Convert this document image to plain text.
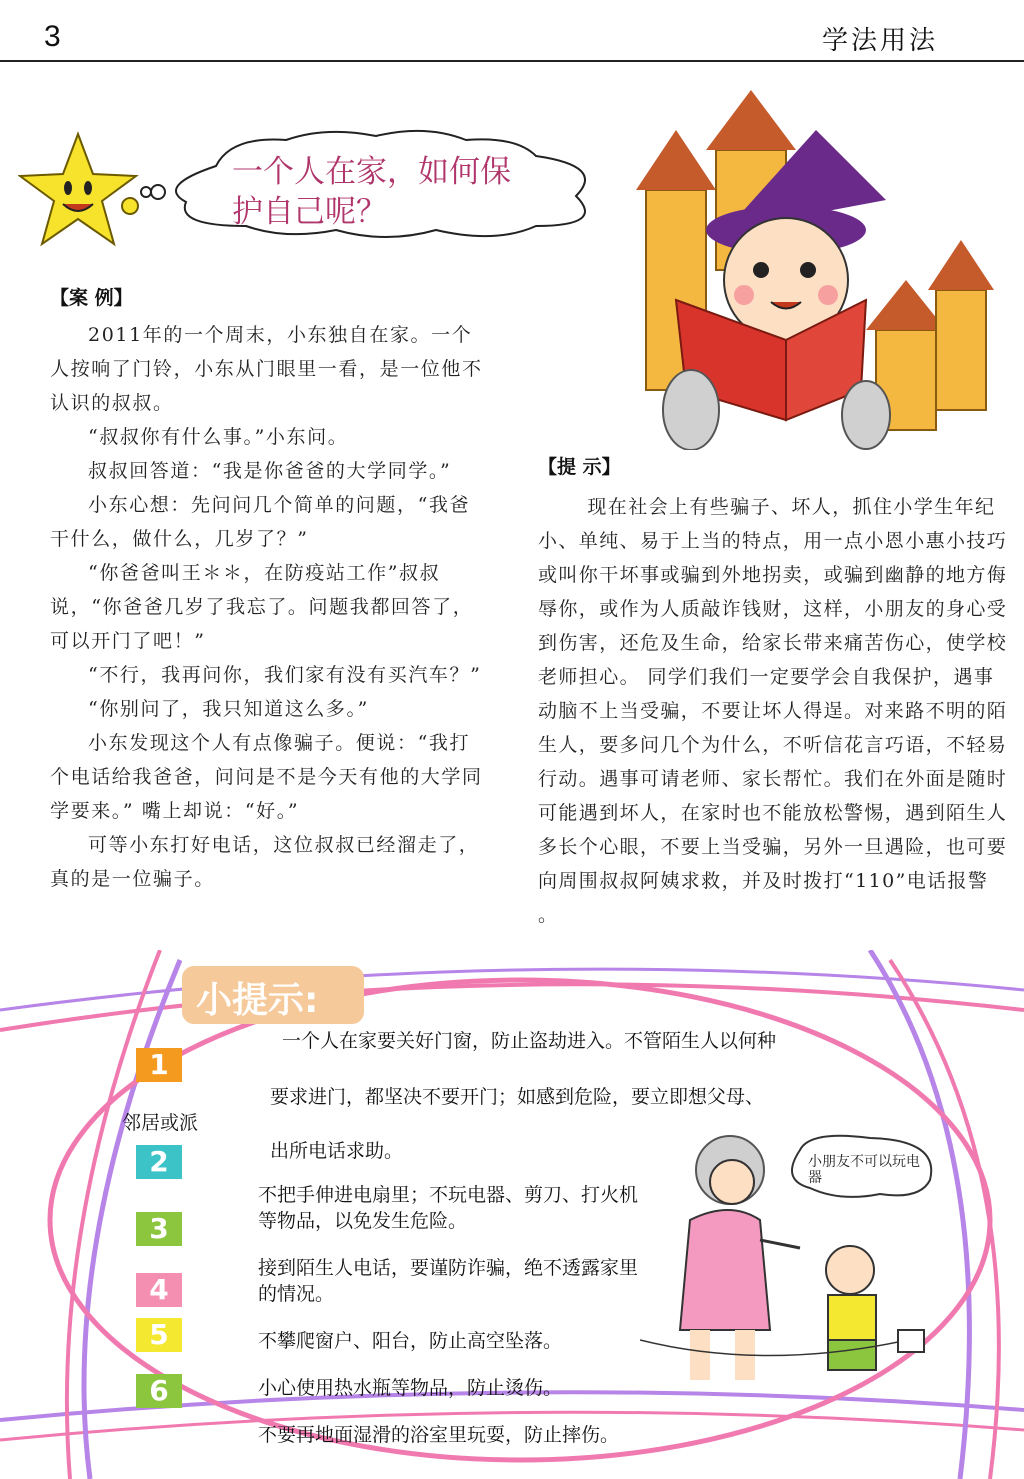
3	学法用法
一个人在家，如何保护自己呢？
【案 例】

2011年的一个周末，小东独自在家。一个人按响了门铃，小东从门眼里一看，是一位他不认识的叔叔。

“叔叔你有什么事。”小东问。

叔叔回答道：“我是你爸爸的大学同学。”

小东心想：先问问几个简单的问题，“我爸干什么，做什么，几岁了？”

“你爸爸叫王＊＊，在防疫站工作”叔叔说，“你爸爸几岁了我忘了。问题我都回答了，可以开门了吧！”

“不行，我再问你，我们家有没有买汽车？”

“你别问了，我只知道这么多。”

小东发现这个人有点像骗子。便说：“我打个电话给我爸爸，问问是不是今天有他的大学同学要来。” 嘴上却说：“好。”

可等小东打好电话，这位叔叔已经溜走了，真的是一位骗子。

【提 示】
现在社会上有些骗子、坏人，抓住小学生年纪小、单纯、易于上当的特点，用一点小恩小惠小技巧或叫你干坏事或骗到外地拐卖，或骗到幽静的地方侮辱你，或作为人质敲诈钱财，这样，小朋友的身心受到伤害，还危及生命，给家长带来痛苦伤心，使学校老师担心。 同学们我们一定要学会自我保护，遇事动脑不上当受骗，不要让坏人得逞。对来路不明的陌生人，要多问几个为什么，不听信花言巧语，不轻易行动。遇事可请老师、家长帮忙。我们在外面是随时可能遇到坏人，在家时也不能放松警惕，遇到陌生人多长个心眼，不要上当受骗，另外一旦遇险，也可要向周围叔叔阿姨求救，并及时拨打“110”电话报警 。
小提示:
1
2
3
4
5
6
一个人在家要关好门窗，防止盗劫进入。不管陌生人以何种
要求进门，都坚决不要开门；如感到危险，要立即想父母、
邻居或派
出所电话求助。
不把手伸进电扇里；不玩电器、剪刀、打火机等物品，以免发生危险。
接到陌生人电话，要谨防诈骗，绝不透露家里的情况。
不攀爬窗户、阳台，防止高空坠落。
小心使用热水瓶等物品，防止烫伤。
不要再地面湿滑的浴室里玩耍，防止摔伤。
小朋友不可以玩电器
